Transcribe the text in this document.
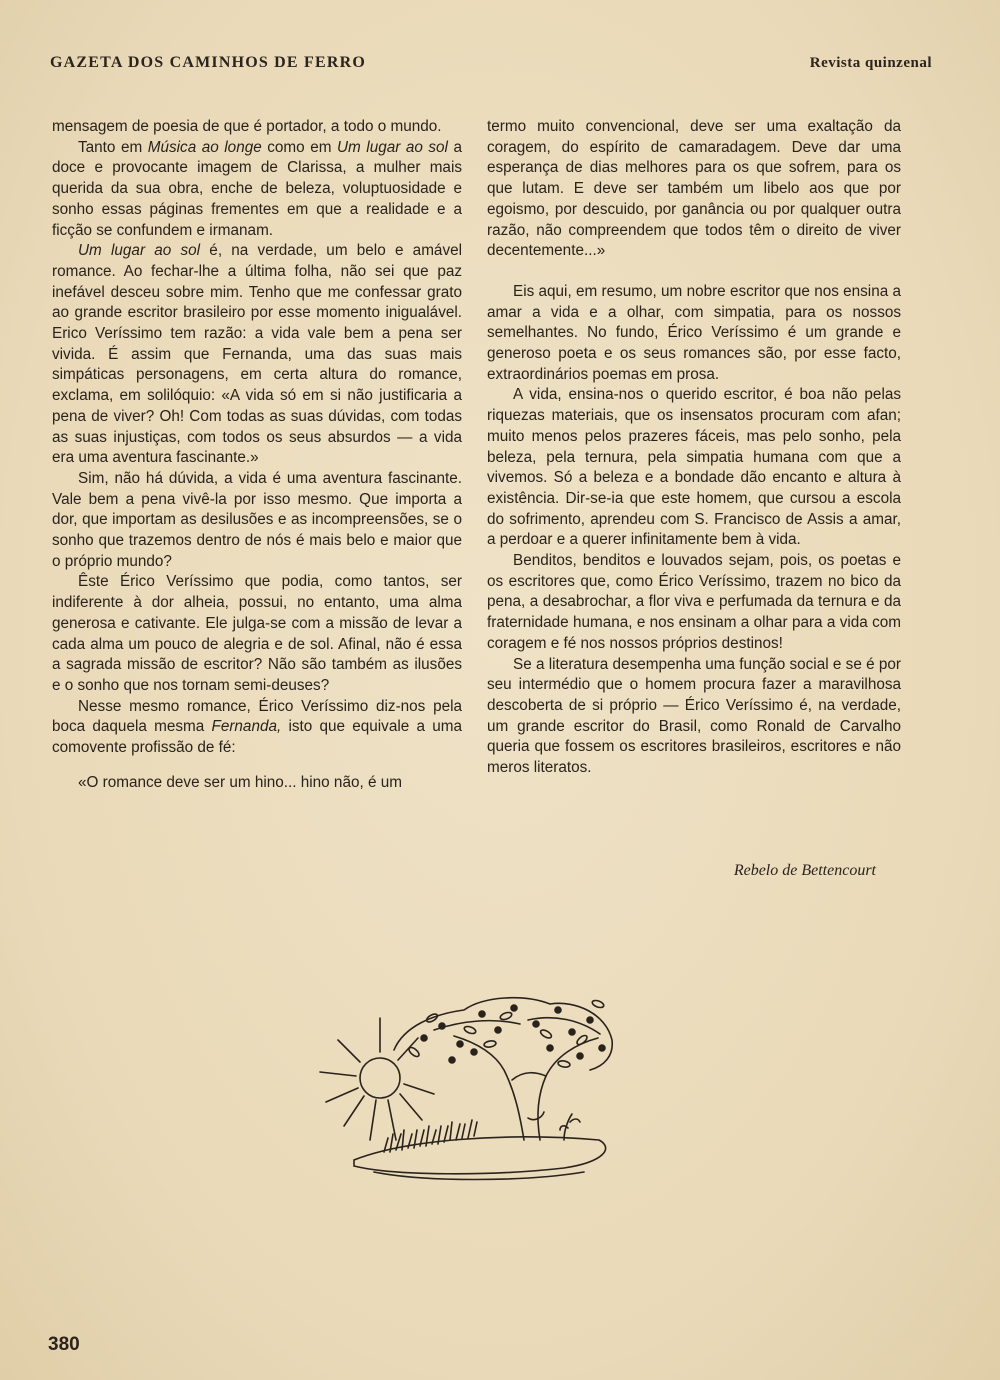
GAZETA DOS CAMINHOS DE FERRO	Revista quinzenal

mensagem de poesia de que é portador, a todo o mundo.

Tanto em Música ao longe como em Um lugar ao sol a doce e provocante imagem de Clarissa, a mulher mais querida da sua obra, enche de beleza, voluptuosidade e sonho essas páginas frementes em que a realidade e a ficção se confundem e irmanam.

Um lugar ao sol é, na verdade, um belo e amável romance. Ao fechar-lhe a última folha, não sei que paz inefável desceu sobre mim. Tenho que me confessar grato ao grande escritor brasileiro por esse momento inigualável. Erico Veríssimo tem razão: a vida vale bem a pena ser vivida. É assim que Fernanda, uma das suas mais simpáticas personagens, em certa altura do romance, exclama, em solilóquio: «A vida só em si não justificaria a pena de viver? Oh! Com todas as suas dúvidas, com todas as suas injustiças, com todos os seus absurdos — a vida era uma aventura fascinante.»

Sim, não há dúvida, a vida é uma aventura fascinante. Vale bem a pena vivê-la por isso mesmo. Que importa a dor, que importam as desilusões e as incompreensões, se o sonho que trazemos dentro de nós é mais belo e maior que o próprio mundo?

Êste Érico Veríssimo que podia, como tantos, ser indiferente à dor alheia, possui, no entanto, uma alma generosa e cativante. Ele julga-se com a missão de levar a cada alma um pouco de alegria e de sol. Afinal, não é essa a sagrada missão de escritor? Não são também as ilusões e o sonho que nos tornam semi-deuses?

Nesse mesmo romance, Érico Veríssimo diz-nos pela boca daquela mesma Fernanda, isto que equivale a uma comovente profissão de fé:

«O romance deve ser um hino... hino não, é um

termo muito convencional, deve ser uma exaltação da coragem, do espírito de camaradagem. Deve dar uma esperança de dias melhores para os que sofrem, para os que lutam. E deve ser também um libelo aos que por egoismo, por descuido, por ganância ou por qualquer outra razão, não compreendem que todos têm o direito de viver decentemente...»

Eis aqui, em resumo, um nobre escritor que nos ensina a amar a vida e a olhar, com simpatia, para os nossos semelhantes. No fundo, Érico Veríssimo é um grande e generoso poeta e os seus romances são, por esse facto, extraordinários poemas em prosa.

A vida, ensina-nos o querido escritor, é boa não pelas riquezas materiais, que os insensatos procuram com afan; muito menos pelos prazeres fáceis, mas pelo sonho, pela beleza, pela ternura, pela simpatia humana com que a vivemos. Só a beleza e a bondade dão encanto e altura à existência. Dir-se-ia que este homem, que cursou a escola do sofrimento, aprendeu com S. Francisco de Assis a amar, a perdoar e a querer infinitamente bem à vida.

Benditos, benditos e louvados sejam, pois, os poetas e os escritores que, como Érico Veríssimo, trazem no bico da pena, a desabrochar, a flor viva e perfumada da ternura e da fraternidade humana, e nos ensinam a olhar para a vida com coragem e fé nos nossos próprios destinos!

Se a literatura desempenha uma função social e se é por seu intermédio que o homem procura fazer a maravilhosa descoberta de si próprio — Érico Veríssimo é, na verdade, um grande escritor do Brasil, como Ronald de Carvalho queria que fossem os escritores brasileiros, escritores e não meros literatos.

Rebelo de Bettencourt
380
